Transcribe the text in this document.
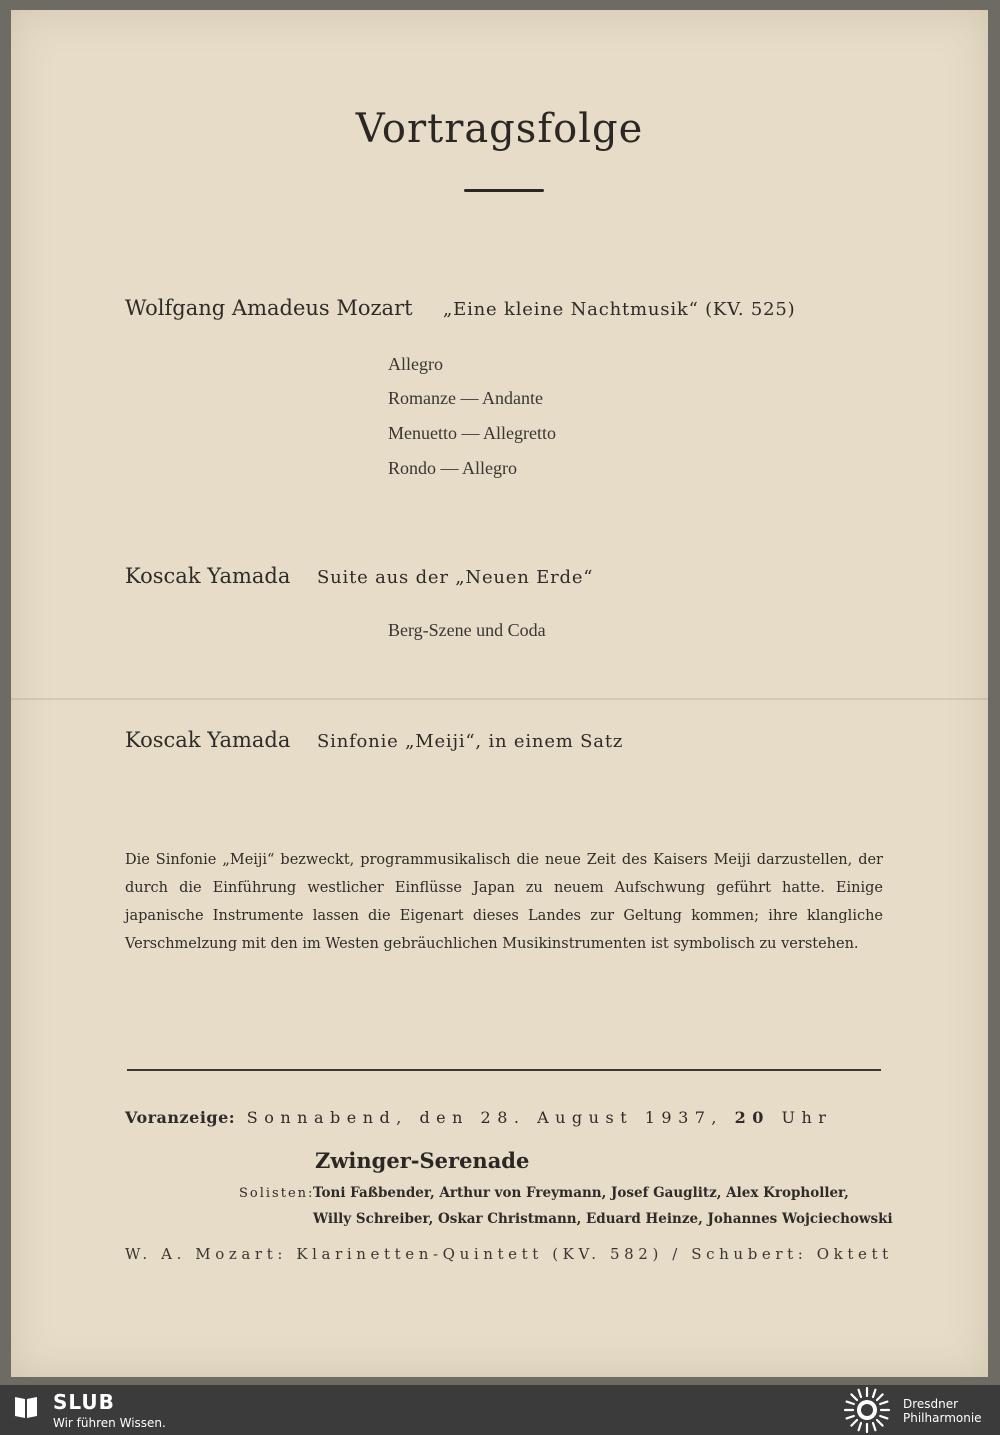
Vortragsfolge
Wolfgang Amadeus Mozart „Eine kleine Nachtmusik“ (KV. 525)
Allegro
Romanze — Andante
Menuetto — Allegretto
Rondo — Allegro
Koscak Yamada Suite aus der „Neuen Erde“
Berg-Szene und Coda
Koscak Yamada Sinfonie „Meiji“, in einem Satz
Die Sinfonie „Meiji“ bezweckt, programmusikalisch die neue Zeit des Kaisers Meiji darzustellen, der durch die Einführung westlicher Einflüsse Japan zu neuem Aufschwung geführt hatte. Einige japanische Instrumente lassen die Eigenart dieses Landes zur Geltung kommen; ihre klangliche Verschmelzung mit den im Westen gebräuchlichen Musikinstrumenten ist symbolisch zu verstehen.
Voranzeige: Sonnabend, den 28. August 1937, 20 Uhr
Zwinger-Serenade
Solisten:
Toni Faßbender, Arthur von Freymann, Josef Gauglitz, Alex Kropholler,
Willy Schreiber, Oskar Christmann, Eduard Heinze, Johannes Wojciechowski
W. A. Mozart: Klarinetten-Quintett (KV. 582) / Schubert: Oktett
SLUB
Wir führen Wissen.
Dresdner
Philharmonie
